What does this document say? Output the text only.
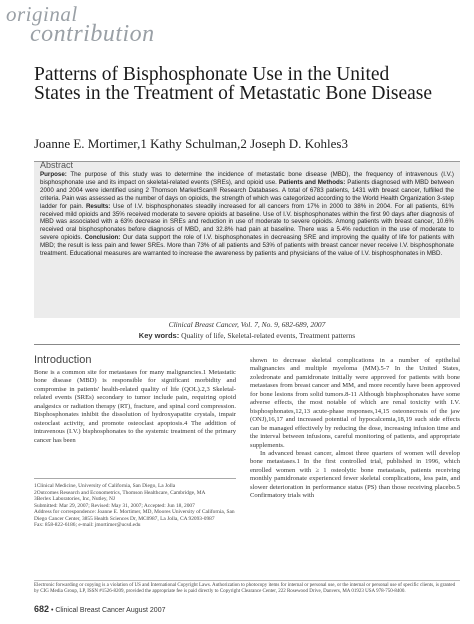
original
contribution
Patterns of Bisphosphonate Use in the United States in the Treatment of Metastatic Bone Disease
Joanne E. Mortimer,1 Kathy Schulman,2 Joseph D. Kohles3
Abstract
Purpose: The purpose of this study was to determine the incidence of metastatic bone disease (MBD), the frequency of intravenous (I.V.) bisphosphonate use and its impact on skeletal-related events (SREs), and opioid use. Patients and Methods: Patients diagnosed with MBD between 2000 and 2004 were identified using 2 Thomson MarketScan® Research Databases. A total of 6783 patients, 1431 with breast cancer, fulfilled the criteria. Pain was assessed as the number of days on opioids, the strength of which was categorized according to the World Health Organization 3-step ladder for pain. Results: Use of I.V. bisphosphonates steadily increased for all cancers from 17% in 2000 to 38% in 2004. For all patients, 61% received mild opioids and 35% received moderate to severe opioids at baseline. Use of I.V. bisphosphonates within the first 90 days after diagnosis of MBD was associated with a 63% decrease in SREs and reduction in use of moderate to severe opioids. Among patients with breast cancer, 10.6% received oral bisphosphonates before diagnosis of MBD, and 32.8% had pain at baseline. There was a 5.4% reduction in the use of moderate to severe opioids. Conclusion: Our data support the role of I.V. bisphosphonates in decreasing SRE and improving the quality of life for patients with MBD; the result is less pain and fewer SREs. More than 73% of all patients and 53% of patients with breast cancer never receive I.V. bisphosphonate treatment. Educational measures are warranted to increase the awareness by patients and physicians of the value of I.V. bisphosphonates in MBD.
Clinical Breast Cancer, Vol. 7, No. 9, 682-689, 2007
Key words: Quality of life, Skeletal-related events, Treatment patterns
Introduction
Bone is a common site for metastases for many malignancies.1 Metastatic bone disease (MBD) is responsible for significant morbidity and compromise in patients' health-related quality of life (QOL).2,3 Skeletal-related events (SREs) secondary to tumor include pain, requiring opioid analgesics or radiation therapy (RT), fracture, and spinal cord compression. Bisphosphonates inhibit the dissolution of hydroxyapatite crystals, impair osteoclast activity, and promote osteoclast apoptosis.4 The addition of intravenous (I.V.) bisphosphonates to the systemic treatment of the primary cancer has been
1Clinical Medicine, University of California, San Diego, La Jolla
2Outcomes Research and Econometrics, Thomson Healthcare, Cambridge, MA
3Berlex Laboratories, Inc, Nutley, NJ
Submitted: Mar 29, 2007; Revised: May 31, 2007; Accepted: Jun 18, 2007
Address for correspondence: Joanne E. Mortimer, MD, Moores University of California, San Diego Cancer Center, 3855 Health Sciences Dr, MC0987, La Jolla, CA 92093-0987
Fax: 858-822-6186; e-mail: jmortimer@ucsd.edu
shown to decrease skeletal complications in a number of epithelial malignancies and multiple myeloma (MM).5-7 In the United States, zoledronate and pamidronate initially were approved for patients with bone metastases from breast cancer and MM, and more recently have been approved for bone lesions from solid tumors.8-11 Although bisphosphonates have some adverse effects, the most notable of which are renal toxicity with I.V. bisphosphonates,12,13 acute-phase responses,14,15 osteonecrosis of the jaw (ONJ),16,17 and increased potential of hypocalcemia,18,19 such side effects can be managed effectively by reducing the dose, increasing infusion time and the interval between infusions, careful monitoring of patients, and appropriate supplements.
In advanced breast cancer, almost three quarters of women will develop bone metastases.1 In the first controlled trial, published in 1996, which enrolled women with ≥ 1 osteolytic bone metastasis, patients receiving monthly pamidronate experienced fewer skeletal complications, less pain, and slower deterioration in performance status (PS) than those receiving placebo.5 Confirmatory trials with
Electronic forwarding or copying is a violation of US and International Copyright Laws. Authorization to photocopy items for internal or personal use, or the internal or personal use of specific clients, is granted by CIG Media Group, LP, ISSN #1526-8209, provided the appropriate fee is paid directly to Copyright Clearance Center, 222 Rosewood Drive, Danvers, MA 01923 USA 978-750-8400.
682 • Clinical Breast Cancer August 2007
